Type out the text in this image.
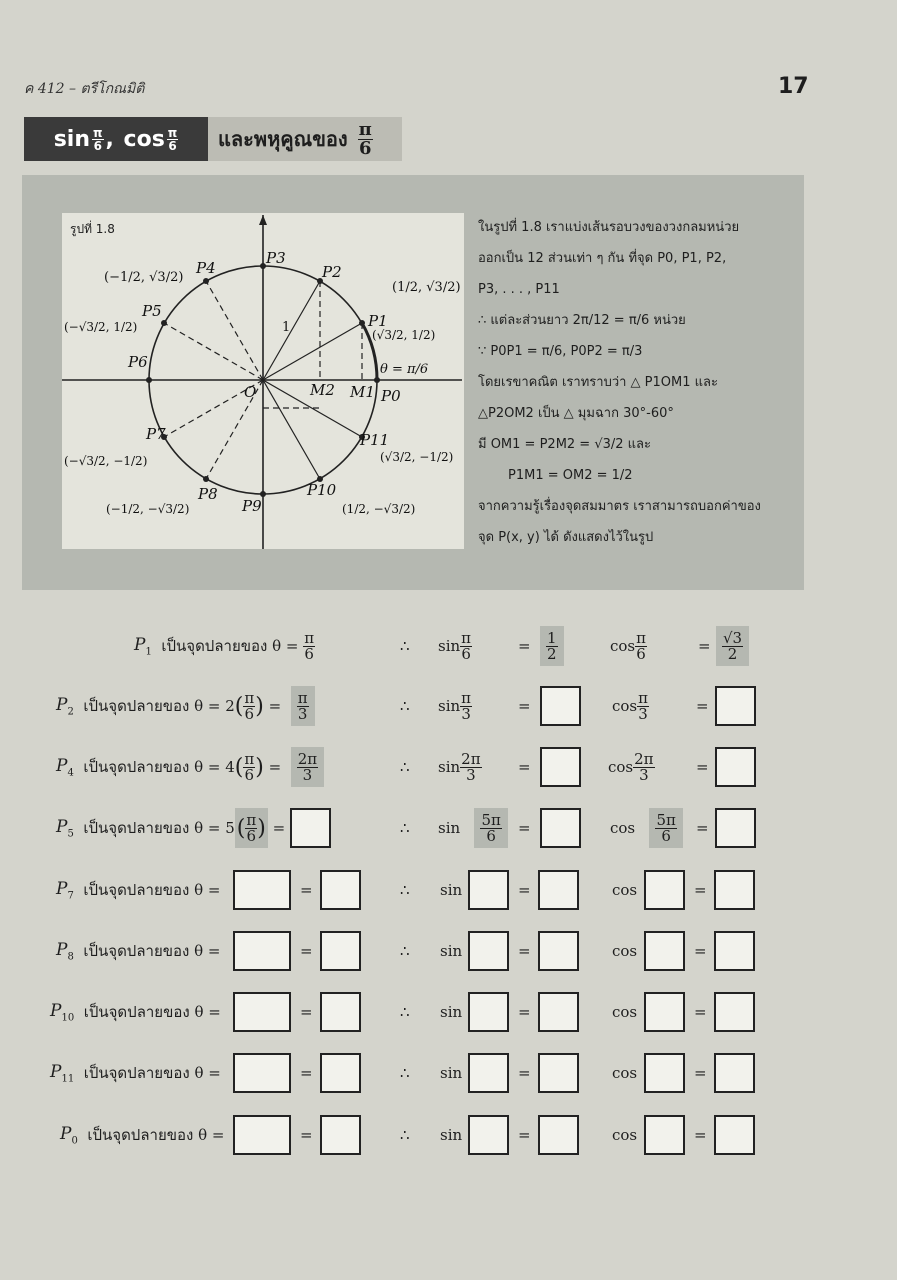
ค 412 – ตรีโกณมิติ	17
$\sin \frac{\pi}{6}$ , $\cos \frac{\pi}{6}$ และพหุคูณของ $\frac{\pi}{6}$
P0
P1
P2
P3
P4
P5
P6
P7
P8
P9
P10
P11
O	M1
M2
1
θ = π/6
(1/2, √3/2)
(√3/2, 1/2)
(−1/2, √3/2)
(−√3/2, 1/2)
(−√3/2, −1/2)
(−1/2, −√3/2)	(1/2, −√3/2)
(√3/2, −1/2)
รูปที่ 1.8	ในรูปที่ 1.8 เราแบ่งเส้นรอบวงของวงกลมหน่วย
ออกเป็น 12 ส่วนเท่า ๆ กัน ที่จุด P0, P1, P2,
P3, . . . , P11
∴ แต่ละส่วนยาว 2π/12 = π/6 หน่วย
∵ P0P1 = π/6, P0P2 = π/3
โดยเรขาคณิต เราทราบว่า △ P1OM1 และ
△P2OM2 เป็น △ มุมฉาก 30°-60°
มี OM1 = P2M2 = √3/2 และ
P1M1 = OM2 = 1/2
จากความรู้เรื่องจุดสมมาตร เราสามารถบอกค่าของ
จุด P(x, y) ได้ ดังแสดงไว้ในรูป
$P_1$
เป็นจุดปลายของ θ =
$\frac{\pi}{6}$	∴ $\sin \frac{\pi}{6}$	= $\frac{1}{2}$	$\cos \frac{\pi}{6}$	= $\frac{√3}{2}$
$P_2$
เป็นจุดปลายของ θ =
2 ( $\frac{\pi}{6}$ )
=
$\frac{\pi}{3}$	∴ $\sin \frac{\pi}{3}$	=	$\cos \frac{\pi}{3}$	=
$P_4$
เป็นจุดปลายของ θ =
4 ( $\frac{\pi}{6}$ )
=
$\frac{2\pi}{3}$	∴ $\sin \frac{2\pi}{3}$ =	$\cos \frac{2\pi}{3}$	=
$P_5$
เป็นจุดปลายของ θ =
5 ( $\frac{\pi}{6}$ )
=
	∴ sin
$\frac{5\pi}{6}$ =	cos
$\frac{5\pi}{6}$ =
$P_7$
เป็นจุดปลายของ θ =	=	∴ sin	=	cos	=
$P_8$
เป็นจุดปลายของ θ =	=	∴ sin	=	cos	=
$P_{10}$
เป็นจุดปลายของ θ =	=	∴ sin	=	cos	=
$P_{11}$
เป็นจุดปลายของ θ =	=	∴ sin	=	cos	=
$P_0$
เป็นจุดปลายของ θ =	=	∴ sin	=	cos	=
